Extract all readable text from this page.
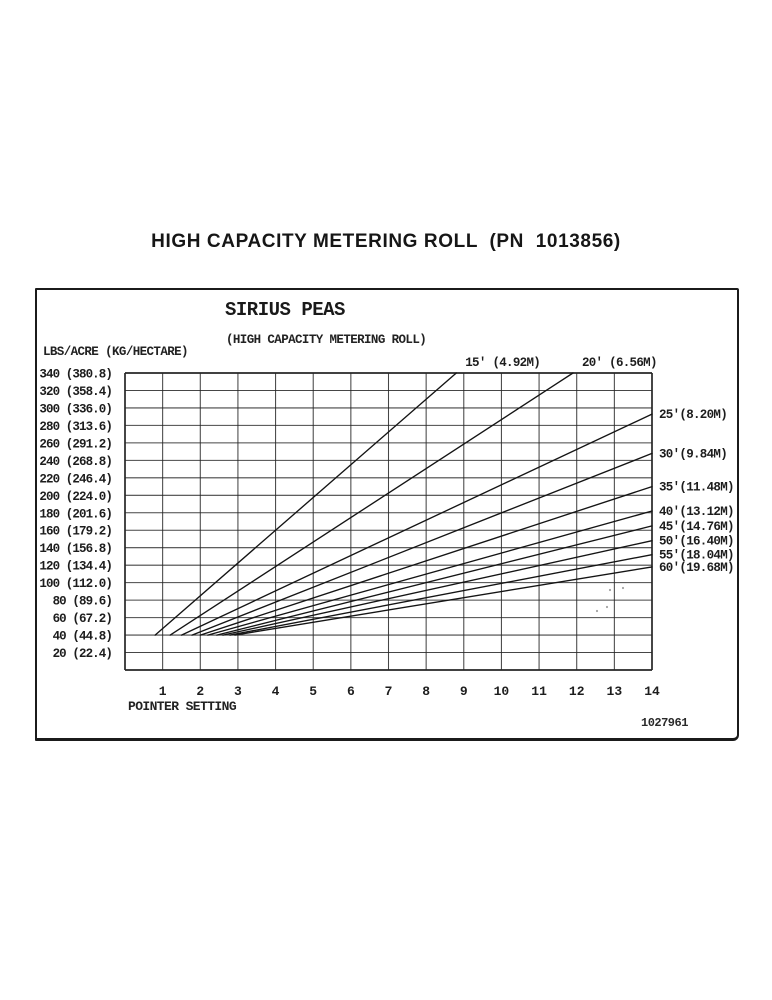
HIGH CAPACITY METERING ROLL  (PN  1013856)
SIRIUS PEAS
(HIGH CAPACITY METERING ROLL)
LBS/ACRE (KG/HECTARE)
340 (380.8)
320 (358.4)
300 (336.0)
280 (313.6)
260 (291.2)
240 (268.8)
220 (246.4)
200 (224.0)
180 (201.6)
160 (179.2)
140 (156.8)
120 (134.4)
100 (112.0)
80 (89.6)
60 (67.2)
40 (44.8)
20 (22.4)
1 2 3 4 5 6 7 8 9 10 11 12 13 14
15' (4.92M)	20' (6.56M)
25'(8.20M)
30'(9.84M)
35'(11.48M)
40'(13.12M)
45'(14.76M)
50'(16.40M)
55'(18.04M)
60'(19.68M)
POINTER SETTING
1027961
